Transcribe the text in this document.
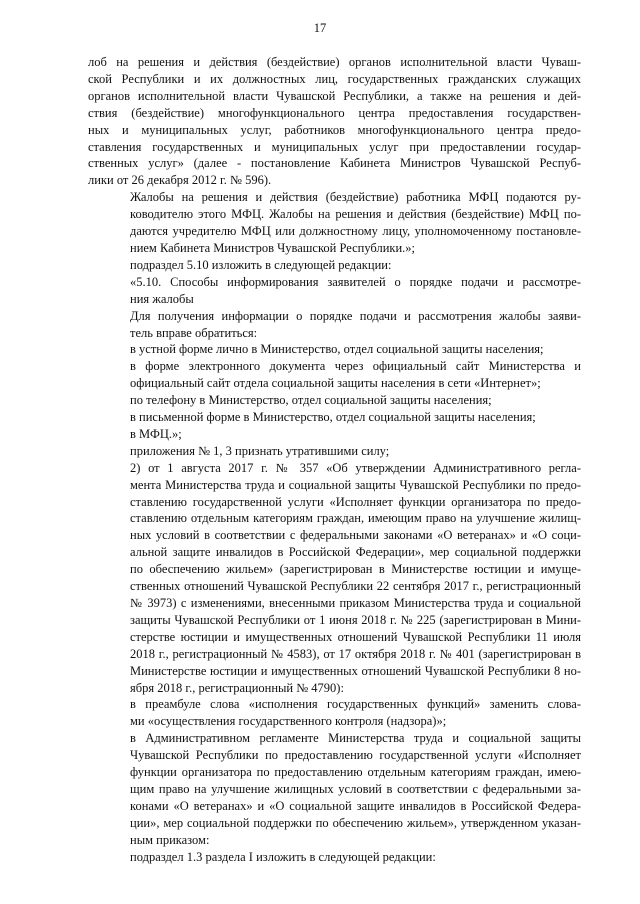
17
лоб на решения и действия (бездействие) органов исполнительной власти Чуваш-
ской Республики и их должностных лиц, государственных гражданских служащих
органов исполнительной власти Чувашской Республики, а также на решения и дей-
ствия (бездействие) многофункционального центра предоставления государствен-
ных и муниципальных услуг, работников многофункционального центра предо-
ставления государственных и муниципальных услуг при предоставлении государ-
ственных услуг» (далее - постановление Кабинета Министров Чувашской Респуб-
лики от 26 декабря 2012 г. № 596).
Жалобы на решения и действия (бездействие) работника МФЦ подаются ру-
ководителю этого МФЦ. Жалобы на решения и действия (бездействие) МФЦ по-
даются учредителю МФЦ или должностному лицу, уполномоченному постановле-
нием Кабинета Министров Чувашской Республики.»;
подраздел 5.10 изложить в следующей редакции:
«5.10. Способы информирования заявителей о порядке подачи и рассмотре-
ния жалобы
Для получения информации о порядке подачи и рассмотрения жалобы заяви-
тель вправе обратиться:
в устной форме лично в Министерство, отдел социальной защиты населения;
в форме электронного документа через официальный сайт Министерства и
официальный сайт отдела социальной защиты населения в сети «Интернет»;
по телефону в Министерство, отдел социальной защиты населения;
в письменной форме в Министерство, отдел социальной защиты населения;
в МФЦ.»;
приложения № 1, 3 признать утратившими силу;
2) от 1 августа 2017 г. № 357 «Об утверждении Административного регла-
мента Министерства труда и социальной защиты Чувашской Республики по предо-
ставлению государственной услуги «Исполняет функции организатора по предо-
ставлению отдельным категориям граждан, имеющим право на улучшение жилищ-
ных условий в соответствии с федеральными законами «О ветеранах» и «О соци-
альной защите инвалидов в Российской Федерации», мер социальной поддержки
по обеспечению жильем» (зарегистрирован в Министерстве юстиции и имуще-
ственных отношений Чувашской Республики 22 сентября 2017 г., регистрационный
№ 3973) с изменениями, внесенными приказом Министерства труда и социальной
защиты Чувашской Республики от 1 июня 2018 г. № 225 (зарегистрирован в Мини-
стерстве юстиции и имущественных отношений Чувашской Республики 11 июля
2018 г., регистрационный № 4583), от 17 октября 2018 г. № 401 (зарегистрирован в
Министерстве юстиции и имущественных отношений Чувашской Республики 8 но-
ября 2018 г., регистрационный № 4790):
в преамбуле слова «исполнения государственных функций» заменить слова-
ми «осуществления государственного контроля (надзора)»;
в Административном регламенте Министерства труда и социальной защиты
Чувашской Республики по предоставлению государственной услуги «Исполняет
функции организатора по предоставлению отдельным категориям граждан, имею-
щим право на улучшение жилищных условий в соответствии с федеральными за-
конами «О ветеранах» и «О социальной защите инвалидов в Российской Федера-
ции», мер социальной поддержки по обеспечению жильем», утвержденном указан-
ным приказом:
подраздел 1.3 раздела I изложить в следующей редакции:
